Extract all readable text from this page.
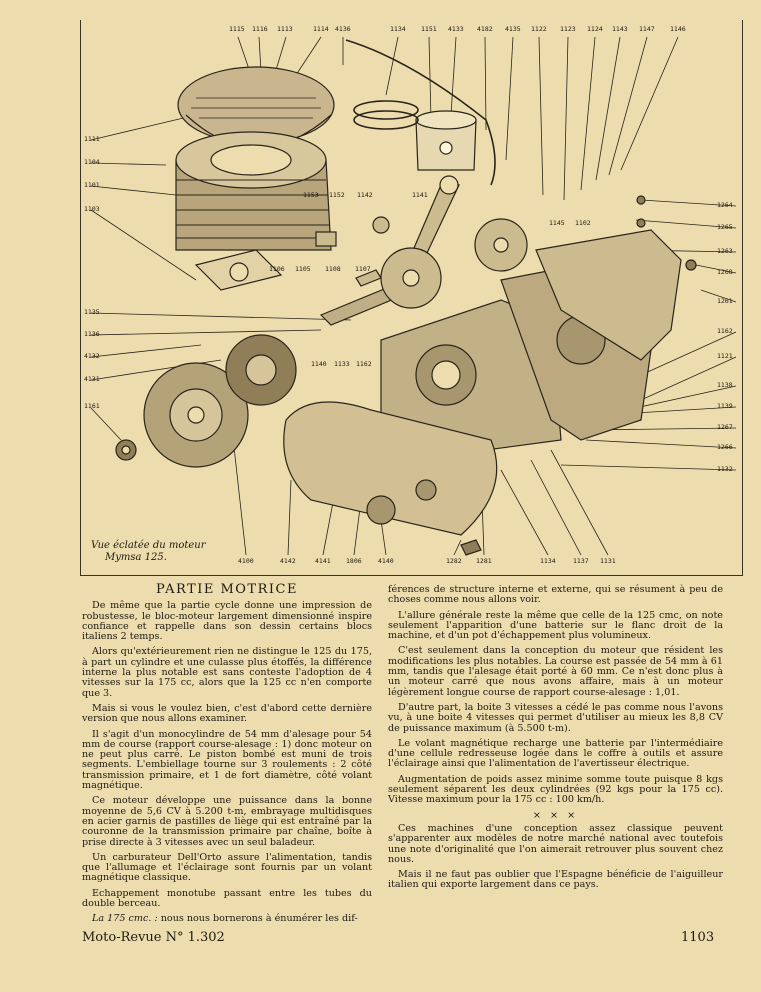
1115 1116 1113	1114 4136	1134 1151 4133 4182 4135 1122 1123 1124 1143 1147 1146
1111
1104
1101
1103
1153 1152 1142	1141
1145 1102
1264
1265
1263
1268
1261
1162
1121
1138
1139
1267
1266
1132
1106 1105 1108 1107
1135
1136
4132
4131
1161
1140 1133 1162
4100	4142	4141 1806	4140	1282 1281	1134	1137 1131
Vue éclatée du moteur
Mymsa 125.
PARTIE MOTRICE

De même que la partie cycle donne une impression de robustesse, le bloc-moteur largement dimensionné inspire confiance et rappelle dans son dessin certains blocs italiens 2 temps.

Alors qu'extérieurement rien ne distingue le 125 du 175, à part un cylindre et une culasse plus étoffés, la différence interne la plus notable est sans conteste l'adoption de 4 vitesses sur la 175 cc, alors que la 125 cc n'en comporte que 3.

Mais si vous le voulez bien, c'est d'abord cette dernière version que nous allons examiner.

Il s'agit d'un monocylindre de 54 mm d'alesage pour 54 mm de course (rapport course-alesage : 1) donc moteur on ne peut plus carré. Le piston bombé est muni de trois segments. L'embiellage tourne sur 3 roulements : 2 côté transmission primaire, et 1 de fort diamètre, côté volant magnétique.

Ce moteur développe une puissance dans la bonne moyenne de 5,6 CV à 5.200 t-m, embrayage multidisques en acier garnis de pastilles de liège qui est entraîné par la couronne de la transmission primaire par chaîne, boîte à prise directe à 3 vitesses avec un seul baladeur.

Un carburateur Dell'Orto assure l'alimentation, tandis que l'allumage et l'éclairage sont fournis par un volant magnétique classique.

Echappement monotube passant entre les tubes du double berceau.

La 175 cmc. : nous nous bornerons à énumérer les dif-

férences de structure interne et externe, qui se résument à peu de choses comme nous allons voir.

L'allure générale reste la même que celle de la 125 cmc, on note seulement l'apparition d'une batterie sur le flanc droit de la machine, et d'un pot d'échappement plus volumineux.

C'est seulement dans la conception du moteur que résident les modifications les plus notables. La course est passée de 54 mm à 61 mm, tandis que l'alesage était porté à 60 mm. Ce n'est donc plus à un moteur carré que nous avons affaire, mais à un moteur légèrement longue course de rapport course-alesage : 1,01.

D'autre part, la boite 3 vitesses a cédé le pas comme nous l'avons vu, à une boite 4 vitesses qui permet d'utiliser au mieux les 8,8 CV de puissance maximum (à 5.500 t-m).

Le volant magnétique recharge une batterie par l'intermédiaire d'une cellule redresseuse logée dans le coffre à outils et assure l'éclairage ainsi que l'alimentation de l'avertisseur électrique.

Augmentation de poids assez minime somme toute puisque 8 kgs seulement séparent les deux cylindrées (92 kgs pour la 175 cc). Vitesse maximum pour la 175 cc : 100 km/h.

× × ×

Ces machines d'une conception assez classique peuvent s'apparenter aux modèles de notre marché national avec toutefois une note d'originalité que l'on aimerait retrouver plus souvent chez nous.

Mais il ne faut pas oublier que l'Espagne bénéficie de l'aiguilleur italien qui exporte largement dans ce pays.

Moto-Revue N° 1.302	1103
